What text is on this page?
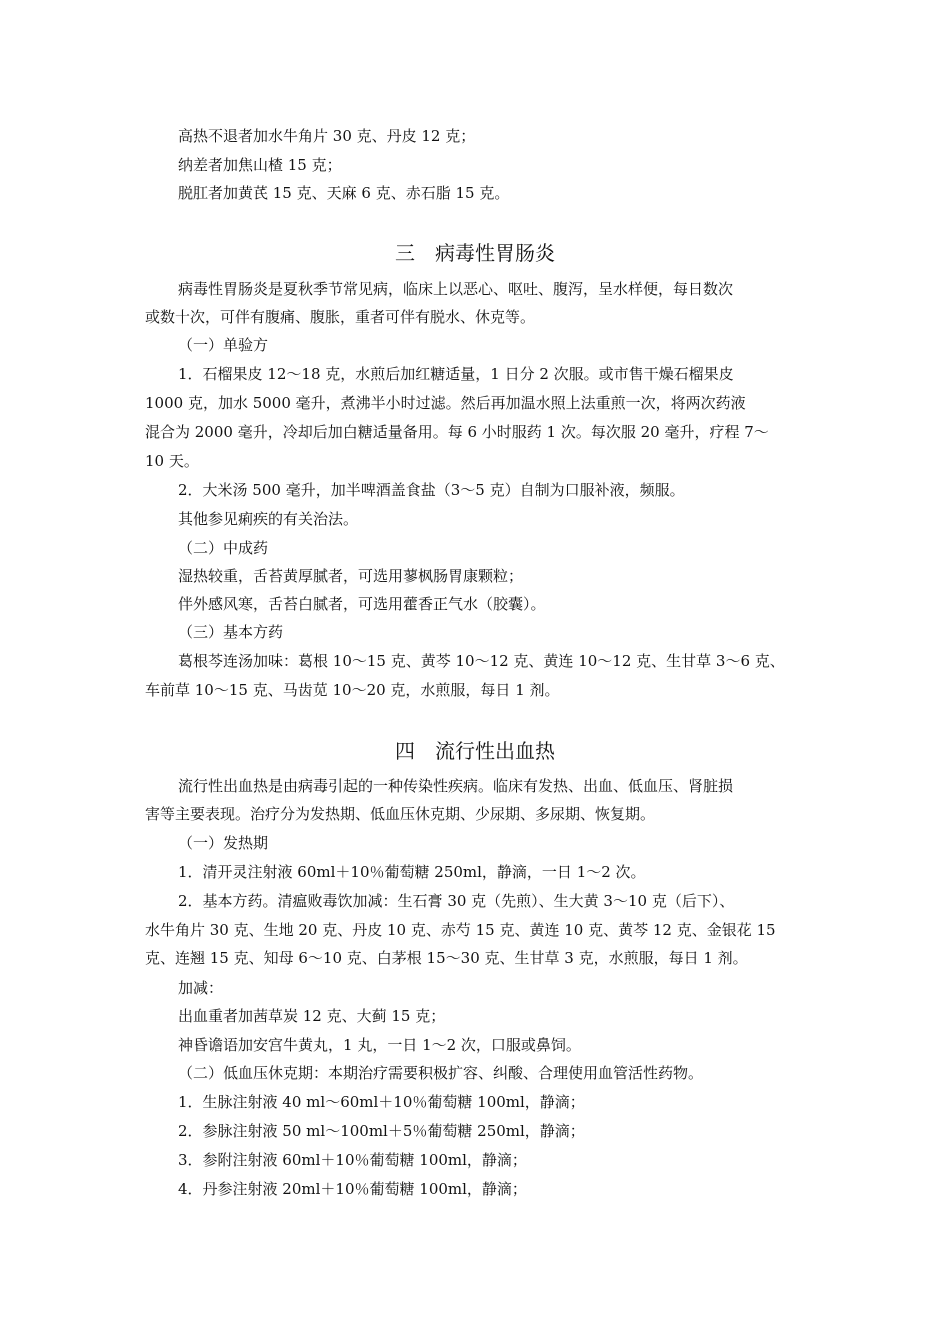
高热不退者加水牛角片 30 克、丹皮 12 克；
纳差者加焦山楂 15 克；
脱肛者加黄芪 15 克、天麻 6 克、赤石脂 15 克。
三　病毒性胃肠炎
病毒性胃肠炎是夏秋季节常见病，临床上以恶心、呕吐、腹泻，呈水样便，每日数次
或数十次，可伴有腹痛、腹胀，重者可伴有脱水、休克等。
（一）单验方
1．石榴果皮 12～18 克，水煎后加红糖适量，1 日分 2 次服。或市售干燥石榴果皮
1000 克，加水 5000 毫升，煮沸半小时过滤。然后再加温水照上法重煎一次，将两次药液
混合为 2000 毫升，冷却后加白糖适量备用。每 6 小时服药 1 次。每次服 20 毫升，疗程 7～
10 天。
2．大米汤 500 毫升，加半啤酒盖食盐（3～5 克）自制为口服补液，频服。
其他参见痢疾的有关治法。
（二）中成药
湿热较重，舌苔黄厚腻者，可选用蓼枫肠胃康颗粒；
伴外感风寒，舌苔白腻者，可选用藿香正气水（胶囊）。
（三）基本方药
葛根芩连汤加味：葛根 10～15 克、黄芩 10～12 克、黄连 10～12 克、生甘草 3～6 克、
车前草 10～15 克、马齿苋 10～20 克，水煎服，每日 1 剂。
四　流行性出血热
流行性出血热是由病毒引起的一种传染性疾病。临床有发热、出血、低血压、肾脏损
害等主要表现。治疗分为发热期、低血压休克期、少尿期、多尿期、恢复期。
（一）发热期
1．清开灵注射液 60ml＋10％葡萄糖 250ml，静滴，一日 1～2 次。
2．基本方药。清瘟败毒饮加减：生石膏 30 克（先煎）、生大黄 3～10 克（后下）、
水牛角片 30 克、生地 20 克、丹皮 10 克、赤芍 15 克、黄连 10 克、黄芩 12 克、金银花 15
克、连翘 15 克、知母 6～10 克、白茅根 15～30 克、生甘草 3 克，水煎服，每日 1 剂。
加减：
出血重者加茜草炭 12 克、大蓟 15 克；
神昏谵语加安宫牛黄丸，1 丸，一日 1～2 次，口服或鼻饲。
（二）低血压休克期：本期治疗需要积极扩容、纠酸、合理使用血管活性药物。
1．生脉注射液 40 ml～60ml＋10％葡萄糖 100ml，静滴；
2．参脉注射液 50 ml～100ml＋5％葡萄糖 250ml，静滴；
3．参附注射液 60ml＋10％葡萄糖 100ml，静滴；
4．丹参注射液 20ml＋10％葡萄糖 100ml，静滴；
